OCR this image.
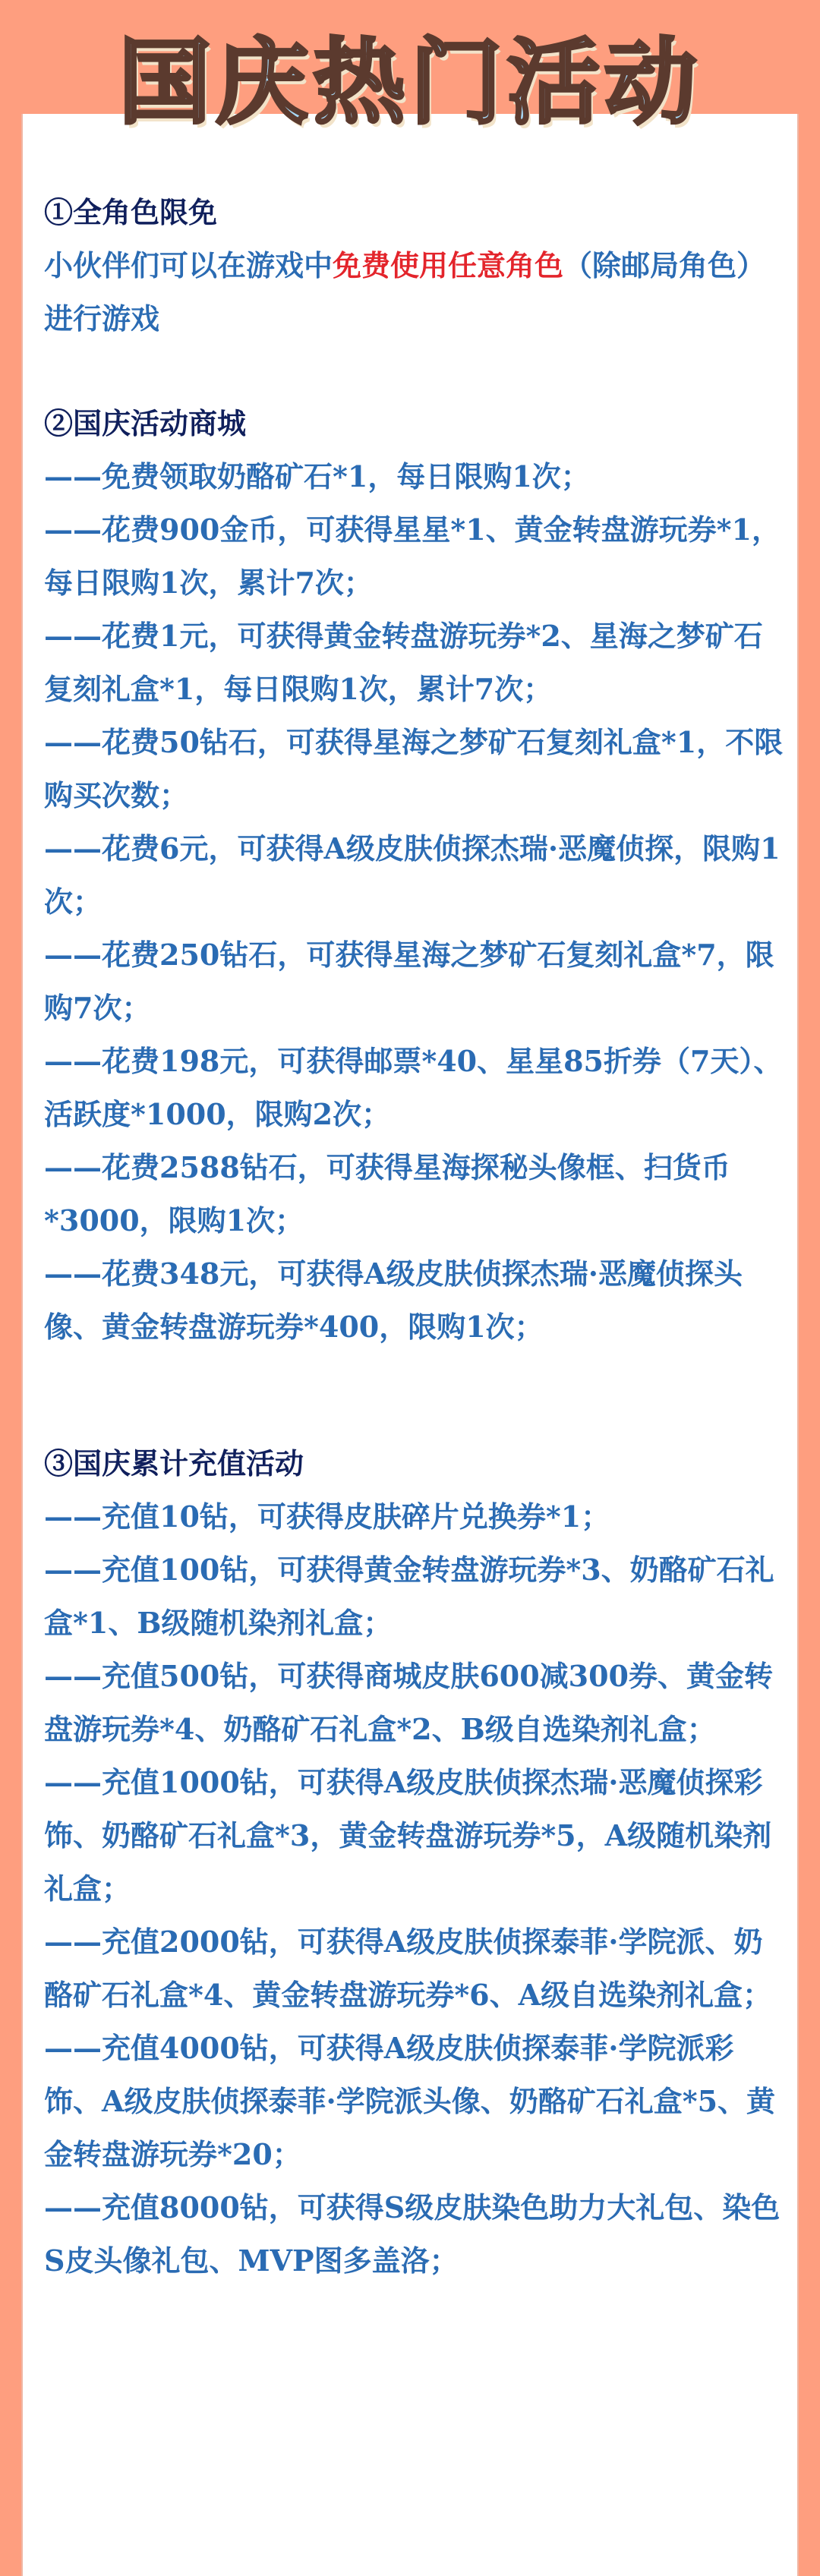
国庆热门活动

①全角色限免

小伙伴们可以在游戏中免费使用任意角色（除邮局角色）进行游戏

②国庆活动商城

——免费领取奶酪矿石*1，每日限购1次；

——花费900金币，可获得星星*1、黄金转盘游玩券*1，每日限购1次，累计7次；

——花费1元，可获得黄金转盘游玩券*2、星海之梦矿石复刻礼盒*1，每日限购1次，累计7次；

——花费50钻石，可获得星海之梦矿石复刻礼盒*1，不限购买次数；

——花费6元，可获得A级皮肤侦探杰瑞·恶魔侦探，限购1次；

——花费250钻石，可获得星海之梦矿石复刻礼盒*7，限购7次；

——花费198元，可获得邮票*40、星星85折券（7天）、活跃度*1000，限购2次；

——花费2588钻石，可获得星海探秘头像框、扫货币*3000，限购1次；

——花费348元，可获得A级皮肤侦探杰瑞·恶魔侦探头像、黄金转盘游玩券*400，限购1次；

③国庆累计充值活动

——充值10钻，可获得皮肤碎片兑换券*1；

——充值100钻，可获得黄金转盘游玩券*3、奶酪矿石礼盒*1、B级随机染剂礼盒；

——充值500钻，可获得商城皮肤600减300券、黄金转盘游玩券*4、奶酪矿石礼盒*2、B级自选染剂礼盒；

——充值1000钻，可获得A级皮肤侦探杰瑞·恶魔侦探彩饰、奶酪矿石礼盒*3，黄金转盘游玩券*5，A级随机染剂礼盒；

——充值2000钻，可获得A级皮肤侦探泰菲·学院派、奶酪矿石礼盒*4、黄金转盘游玩券*6、A级自选染剂礼盒；

——充值4000钻，可获得A级皮肤侦探泰菲·学院派彩饰、A级皮肤侦探泰菲·学院派头像、奶酪矿石礼盒*5、黄金转盘游玩券*20；

——充值8000钻，可获得S级皮肤染色助力大礼包、染色S皮头像礼包、MVP图多盖洛；
